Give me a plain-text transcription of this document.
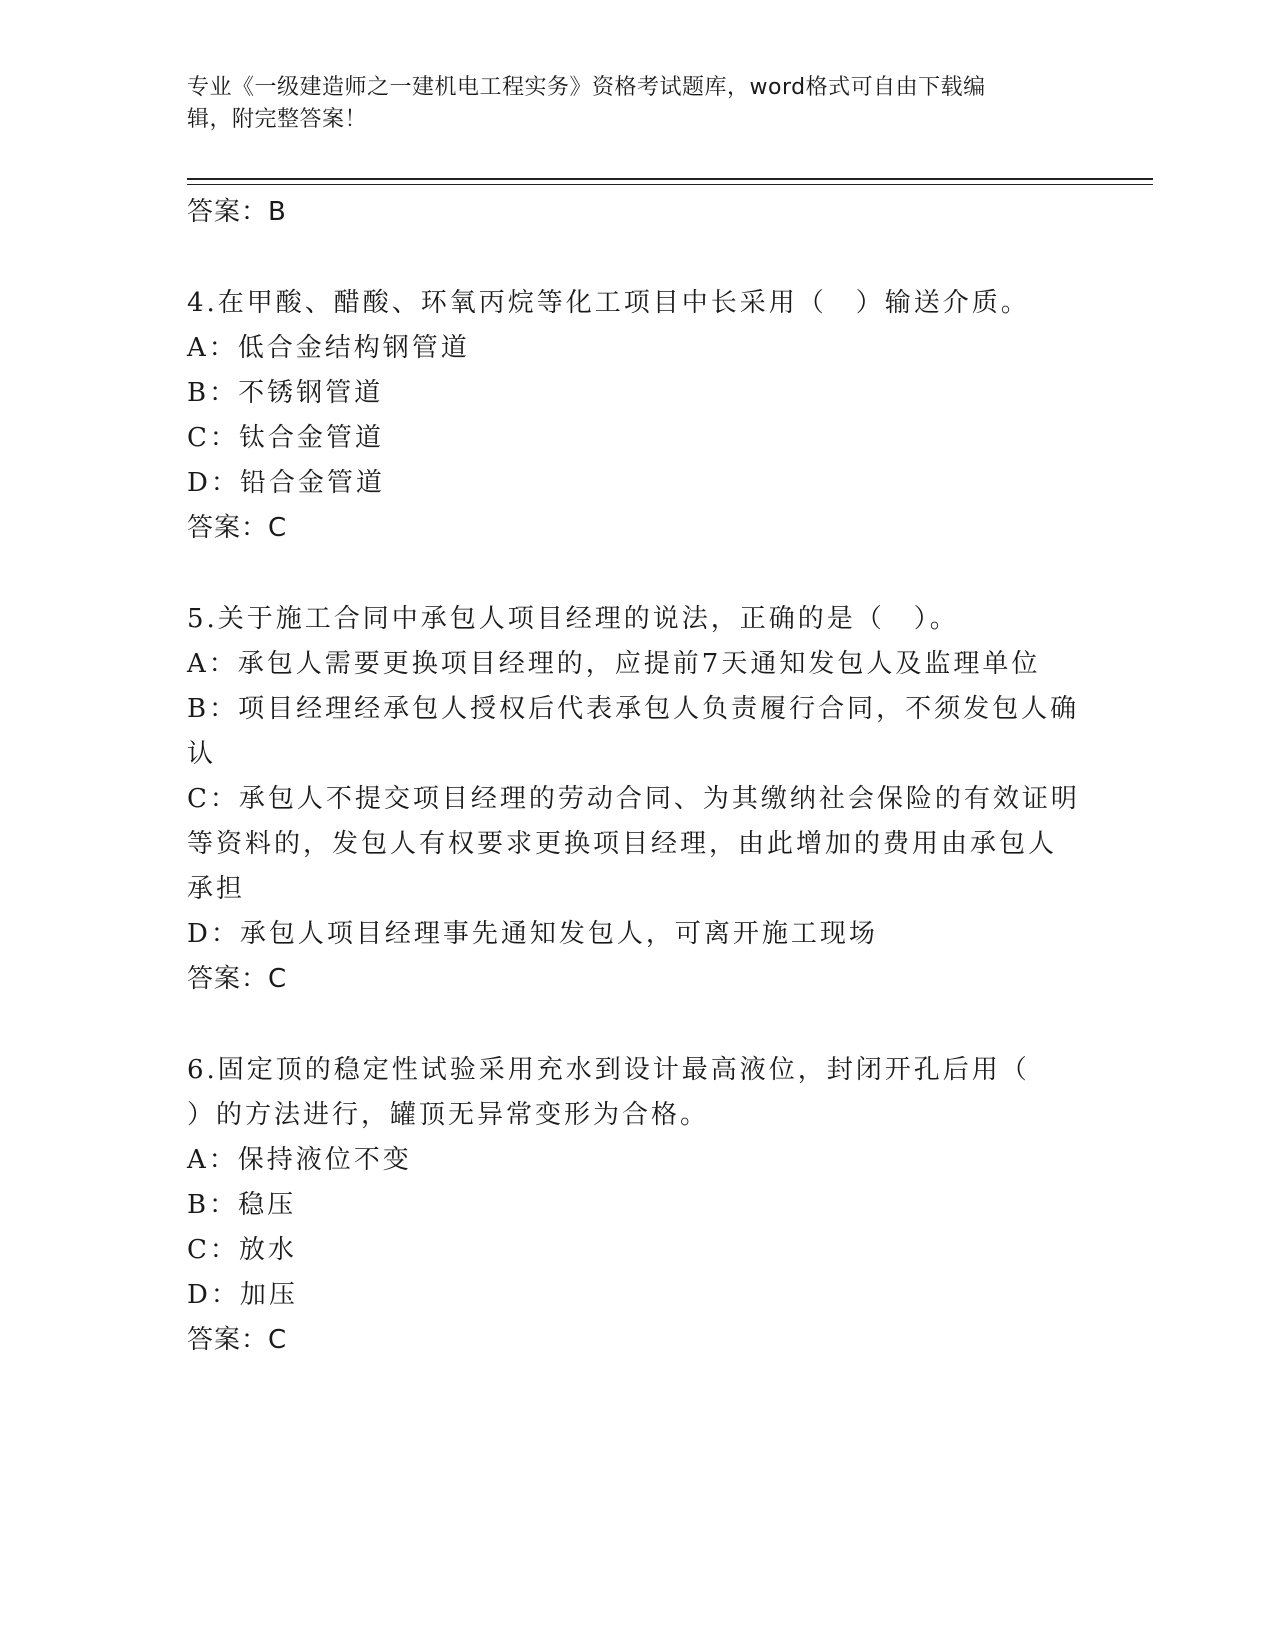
专业《一级建造师之一建机电工程实务》资格考试题库，word格式可自由下载编
辑，附完整答案！
答案：B
4.在甲酸、醋酸、环氧丙烷等化工项目中长采用（　）输送介质。
A：低合金结构钢管道
B：不锈钢管道
C：钛合金管道
D：铅合金管道
答案：C
5.关于施工合同中承包人项目经理的说法，正确的是（　）。
A：承包人需要更换项目经理的，应提前7天通知发包人及监理单位
B：项目经理经承包人授权后代表承包人负责履行合同，不须发包人确
认
C：承包人不提交项目经理的劳动合同、为其缴纳社会保险的有效证明
等资料的，发包人有权要求更换项目经理，由此增加的费用由承包人
承担
D：承包人项目经理事先通知发包人，可离开施工现场
答案：C
6.固定顶的稳定性试验采用充水到设计最高液位，封闭开孔后用（
）的方法进行，罐顶无异常变形为合格。
A：保持液位不变
B：稳压
C：放水
D：加压
答案：C
